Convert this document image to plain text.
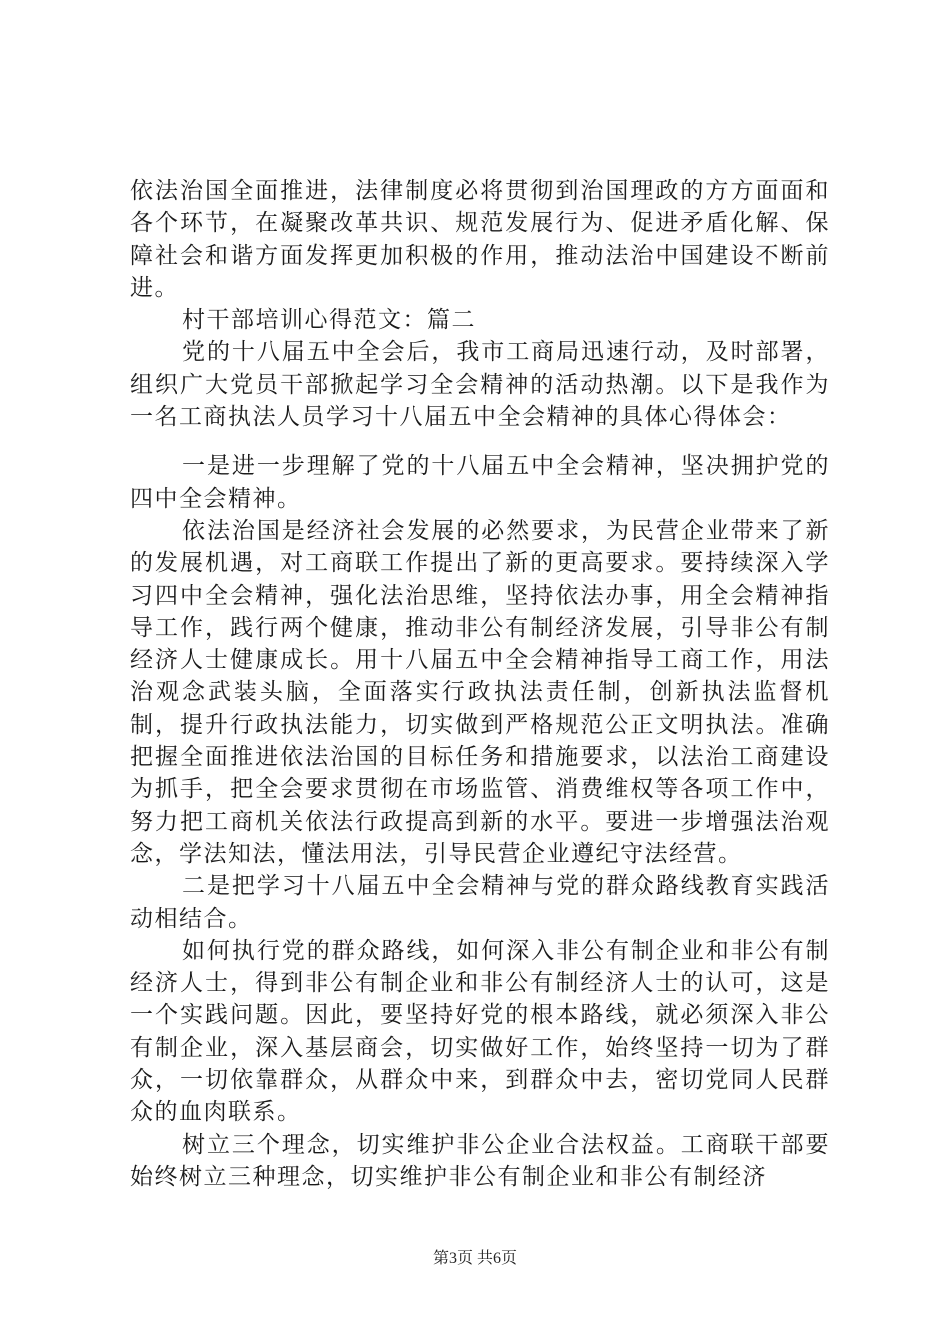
依法治国全面推进，法律制度必将贯彻到治国理政的方方面面和各个环节，在凝聚改革共识、规范发展行为、促进矛盾化解、保障社会和谐方面发挥更加积极的作用，推动法治中国建设不断前进。

村干部培训心得范文：篇二

党的十八届五中全会后，我市工商局迅速行动，及时部署，组织广大党员干部掀起学习全会精神的活动热潮。以下是我作为一名工商执法人员学习十八届五中全会精神的具体心得体会：

一是进一步理解了党的十八届五中全会精神，坚决拥护党的四中全会精神。

依法治国是经济社会发展的必然要求，为民营企业带来了新的发展机遇，对工商联工作提出了新的更高要求。要持续深入学习四中全会精神，强化法治思维，坚持依法办事，用全会精神指导工作，践行两个健康，推动非公有制经济发展，引导非公有制经济人士健康成长。用十八届五中全会精神指导工商工作，用法治观念武装头脑，全面落实行政执法责任制，创新执法监督机制，提升行政执法能力，切实做到严格规范公正文明执法。准确把握全面推进依法治国的目标任务和措施要求，以法治工商建设为抓手，把全会要求贯彻在市场监管、消费维权等各项工作中，努力把工商机关依法行政提高到新的水平。要进一步增强法治观念，学法知法，懂法用法，引导民营企业遵纪守法经营。

二是把学习十八届五中全会精神与党的群众路线教育实践活动相结合。

如何执行党的群众路线，如何深入非公有制企业和非公有制经济人士，得到非公有制企业和非公有制经济人士的认可，这是一个实践问题。因此，要坚持好党的根本路线，就必须深入非公有制企业，深入基层商会，切实做好工作，始终坚持一切为了群众，一切依靠群众，从群众中来，到群众中去，密切党同人民群众的血肉联系。

树立三个理念，切实维护非公企业合法权益。工商联干部要始终树立三种理念，切实维护非公有制企业和非公有制经济

第3页 共6页
